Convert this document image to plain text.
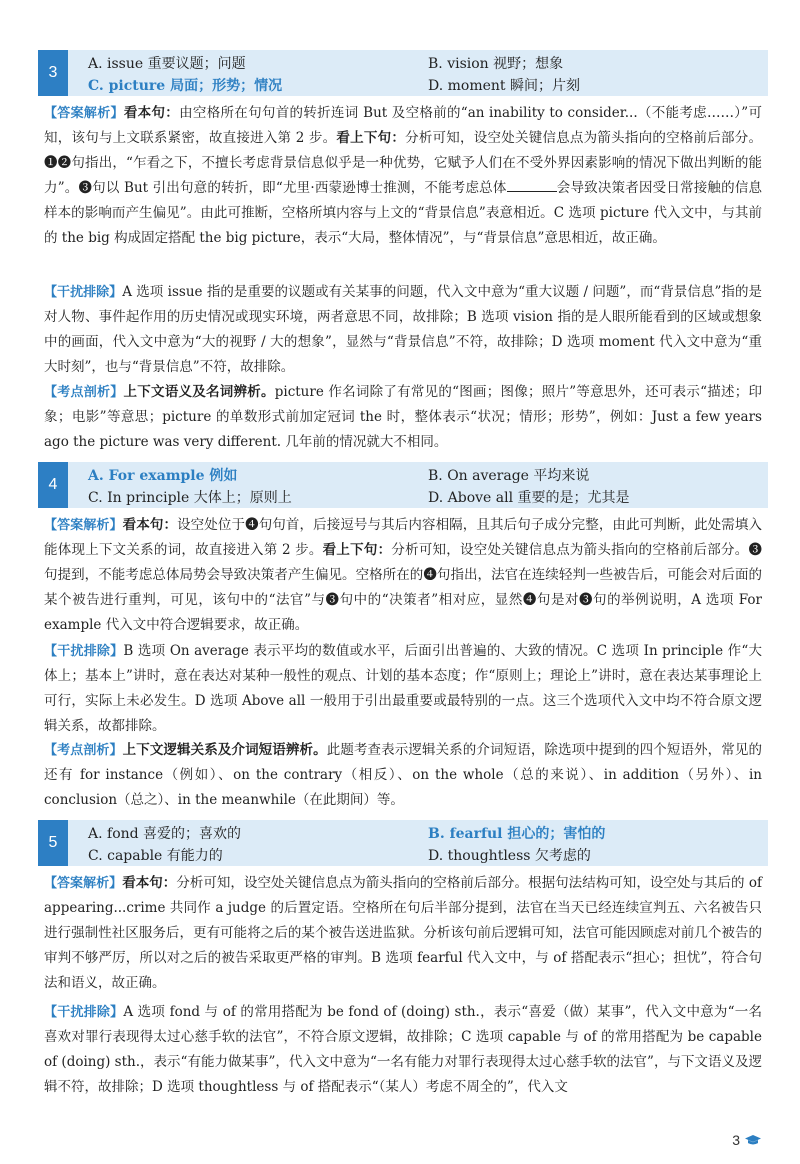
3	A. issue 重要议题；问题	B. vision 视野；想象
C. picture 局面；形势；情况	D. moment 瞬间；片刻
【答案解析】看本句：由空格所在句句首的转折连词 But 及空格前的“an inability to consider...（不能考虑……）”可知，该句与上文联系紧密，故直接进入第 2 步。看上下句：分析可知，设空处关键信息点为箭头指向的空格前后部分。❶❷句指出，“乍看之下，不擅长考虑背景信息似乎是一种优势，它赋予人们在不受外界因素影响的情况下做出判断的能力”。❸句以 But 引出句意的转折，即“尤里·西蒙逊博士推测，不能考虑总体	会导致决策者因受日常接触的信息样本的影响而产生偏见”。由此可推断，空格所填内容与上文的“背景信息”表意相近。C 选项 picture 代入文中，与其前的 the big 构成固定搭配 the big picture，表示“大局，整体情况”，与“背景信息”意思相近，故正确。
【干扰排除】A 选项 issue 指的是重要的议题或有关某事的问题，代入文中意为“重大议题 / 问题”，而“背景信息”指的是对人物、事件起作用的历史情况或现实环境，两者意思不同，故排除；B 选项 vision 指的是人眼所能看到的区域或想象中的画面，代入文中意为“大的视野 / 大的想象”，显然与“背景信息”不符，故排除；D 选项 moment 代入文中意为“重大时刻”，也与“背景信息”不符，故排除。
【考点剖析】上下文语义及名词辨析。picture 作名词除了有常见的“图画；图像；照片”等意思外，还可表示“描述；印象；电影”等意思；picture 的单数形式前加定冠词 the 时，整体表示“状况；情形；形势”，例如：Just a few years ago the picture was very different. 几年前的情况就大不相同。
4	A. For example 例如	B. On average 平均来说
C. In principle 大体上；原则上	D. Above all 重要的是；尤其是
【答案解析】看本句：设空处位于❹句句首，后接逗号与其后内容相隔，且其后句子成分完整，由此可判断，此处需填入能体现上下文关系的词，故直接进入第 2 步。看上下句：分析可知，设空处关键信息点为箭头指向的空格前后部分。❸句提到，不能考虑总体局势会导致决策者产生偏见。空格所在的❹句指出，法官在连续轻判一些被告后，可能会对后面的某个被告进行重判，可见，该句中的“法官”与❸句中的“决策者”相对应，显然❹句是对❸句的举例说明，A 选项 For example 代入文中符合逻辑要求，故正确。
【干扰排除】B 选项 On average 表示平均的数值或水平，后面引出普遍的、大致的情况。C 选项 In principle 作“大体上；基本上”讲时，意在表达对某种一般性的观点、计划的基本态度；作“原则上；理论上”讲时，意在表达某事理论上可行，实际上未必发生。D 选项 Above all 一般用于引出最重要或最特别的一点。这三个选项代入文中均不符合原文逻辑关系，故都排除。
【考点剖析】上下文逻辑关系及介词短语辨析。此题考查表示逻辑关系的介词短语，除选项中提到的四个短语外，常见的还有 for instance（例如）、on the contrary（相反）、on the whole（总的来说）、in addition（另外）、in conclusion（总之）、in the meanwhile（在此期间）等。
5	A. fond 喜爱的；喜欢的	B. fearful 担心的；害怕的
C. capable 有能力的	D. thoughtless 欠考虑的
【答案解析】看本句：分析可知，设空处关键信息点为箭头指向的空格前后部分。根据句法结构可知，设空处与其后的 of appearing...crime 共同作 a judge 的后置定语。空格所在句后半部分提到，法官在当天已经连续宣判五、六名被告只进行强制性社区服务后，更有可能将之后的某个被告送进监狱。分析该句前后逻辑可知，法官可能因顾虑对前几个被告的审判不够严厉，所以对之后的被告采取更严格的审判。B 选项 fearful 代入文中，与 of 搭配表示“担心；担忧”，符合句法和语义，故正确。
【干扰排除】A 选项 fond 与 of 的常用搭配为 be fond of (doing) sth.，表示“喜爱（做）某事”，代入文中意为“一名喜欢对罪行表现得太过心慈手软的法官”，不符合原文逻辑，故排除；C 选项 capable 与 of 的常用搭配为 be capable of (doing) sth.，表示“有能力做某事”，代入文中意为“一名有能力对罪行表现得太过心慈手软的法官”，与下文语义及逻辑不符，故排除；D 选项 thoughtless 与 of 搭配表示“（某人）考虑不周全的”，代入文
3
